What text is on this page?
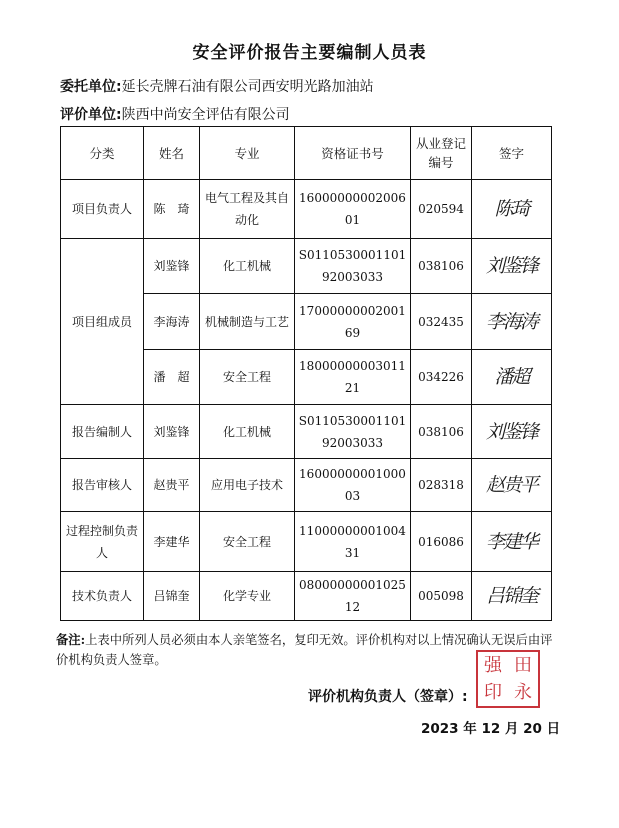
安全评价报告主要编制人员表
委托单位:延长壳牌石油有限公司西安明光路加油站
评价单位:陕西中尚安全评估有限公司
分类	姓名	专业	资格证书号	从业登记编号	签字
项目负责人	陈　琦	电气工程及其自动化	1600000000200601	020594	陈琦
项目组成员	刘鉴锋	化工机械	S011053000110192003033	038106	刘鉴锋
	李海涛	机械制造与工艺	1700000000200169	032435	李海涛
	潘　超	安全工程	1800000000301121	034226	潘超
报告编制人	刘鉴锋	化工机械	S011053000110192003033	038106	刘鉴锋
报告审核人	赵贵平	应用电子技术	1600000000100003	028318	赵贵平
过程控制负责人	李建华	安全工程	1100000000100431	016086	李建华
技术负责人	吕锦奎	化学专业	0800000000102512	005098	吕锦奎
备注:上表中所列人员必须由本人亲笔签名，复印无效。评价机构对以上情况确认无误后由评价机构负责人签章。
评价机构负责人（签章）:
强 田
印 永
2023 年 12 月 20 日
